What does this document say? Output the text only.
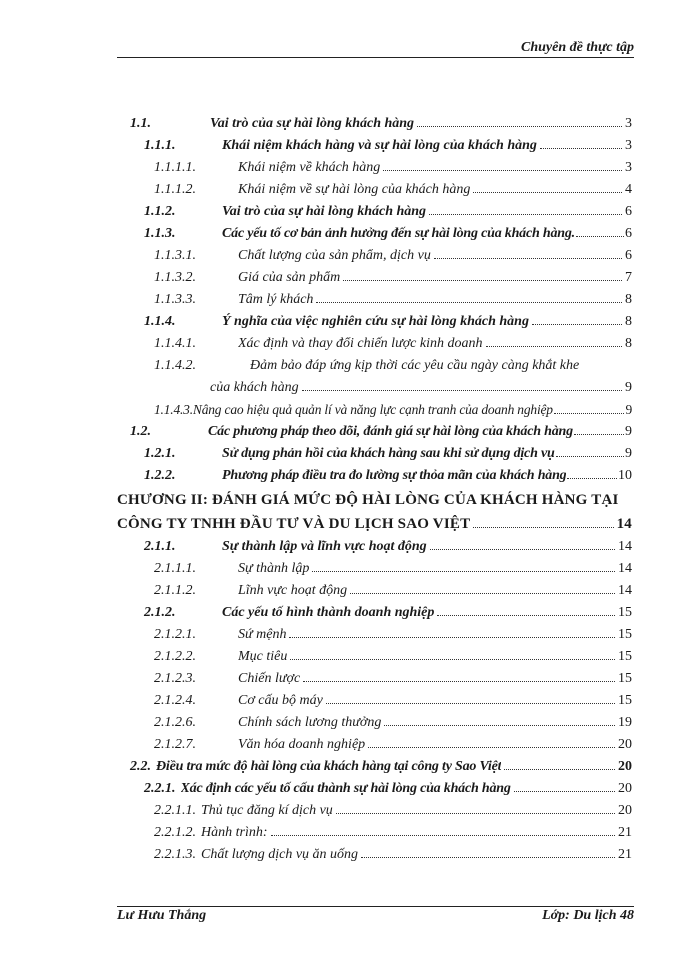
Chuyên đề thực tập
1.1.	Vai trò của sự hài lòng khách hàng	3
1.1.1.	Khái niệm khách hàng và sự hài lòng của khách hàng	3
1.1.1.1.	Khái niệm về khách hàng	3
1.1.1.2.	Khái niệm về sự hài lòng của khách hàng	4
1.1.2.	Vai trò của sự hài lòng khách hàng	6
1.1.3.	Các yếu tố cơ bản ảnh hưởng đến sự hài lòng của khách hàng.	6
1.1.3.1.	Chất lượng của sản phẩm, dịch vụ	6
1.1.3.2.	Giá của sản phẩm	7
1.1.3.3.	Tâm lý khách	8
1.1.4.	Ý nghĩa của việc nghiên cứu sự hài lòng khách hàng	8
1.1.4.1.	Xác định và thay đổi chiến lược kinh doanh	8
1.1.4.2.	Đảm bảo đáp ứng kịp thời các yêu cầu ngày càng khắt khe
của khách hàng	9
1.1.4.3. Nâng cao hiệu quả quản lí và năng lực cạnh tranh của doanh nghiệp	9
1.2.	Các phương pháp theo dõi, đánh giá sự hài lòng của khách hàng	9
1.2.1.	Sử dụng phản hồi của khách hàng sau khi sử dụng dịch vụ	9
1.2.2.	Phương pháp điều tra đo lường sự thỏa mãn của khách hàng	10
CHƯƠNG II: ĐÁNH GIÁ MỨC ĐỘ HÀI LÒNG CỦA KHÁCH HÀNG TẠI
CÔNG TY TNHH ĐẦU TƯ VÀ DU LỊCH SAO VIỆT	14
2.1.1.	Sự thành lập và lĩnh vực hoạt động	14
2.1.1.1.	Sự thành lập	14
2.1.1.2.	Lĩnh vực hoạt động	14
2.1.2.	Các yếu tố hình thành doanh nghiệp	15
2.1.2.1.	Sứ mệnh	15
2.1.2.2.	Mục tiêu	15
2.1.2.3.	Chiến lược	15
2.1.2.4.	Cơ cấu bộ máy	15
2.1.2.6.	Chính sách lương thưởng	19
2.1.2.7.	Văn hóa doanh nghiệp	20
2.2. Điều tra mức độ hài lòng của khách hàng tại công ty Sao Việt	20
2.2.1. Xác định các yếu tố cấu thành sự hài lòng của khách hàng	20
2.2.1.1. Thủ tục đăng kí dịch vụ	20
2.2.1.2. Hành trình:	21
2.2.1.3. Chất lượng dịch vụ ăn uống	21
Lư Hưu Thắng	Lớp: Du lịch 48
